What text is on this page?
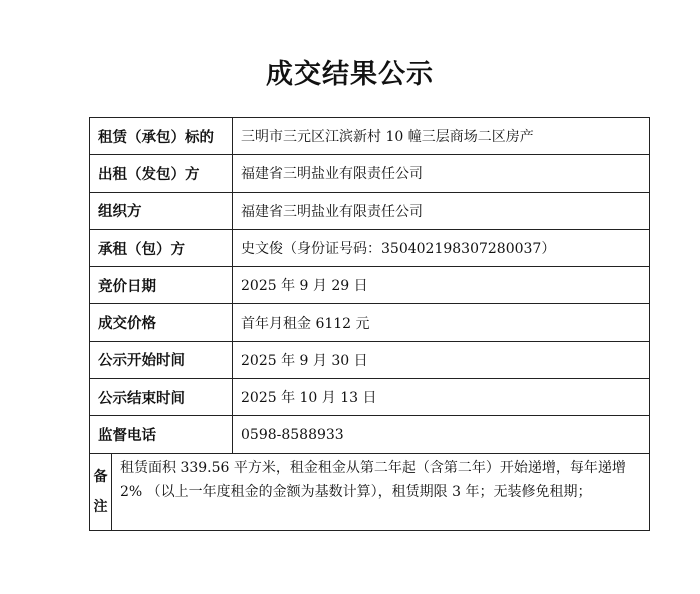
成交结果公示
租赁（承包）标的		三明市三元区江滨新村 10 幢三层商场二区房产
出租（发包）方		福建省三明盐业有限责任公司
组织方		福建省三明盐业有限责任公司
承租（包）方		史文俊（身份证号码：350402198307280037）
竞价日期		2025 年 9 月 29 日
成交价格		首年月租金 6112 元
公示开始时间		2025 年 9 月 30 日
公示结束时间		2025 年 10 月 13 日
监督电话		0598-8588933
备
注	租赁面积 339.56 平方米，租金租金从第二年起（含第二年）开始递增，每年递增 2% （以上一年度租金的金额为基数计算），租赁期限 3 年；无装修免租期；	
